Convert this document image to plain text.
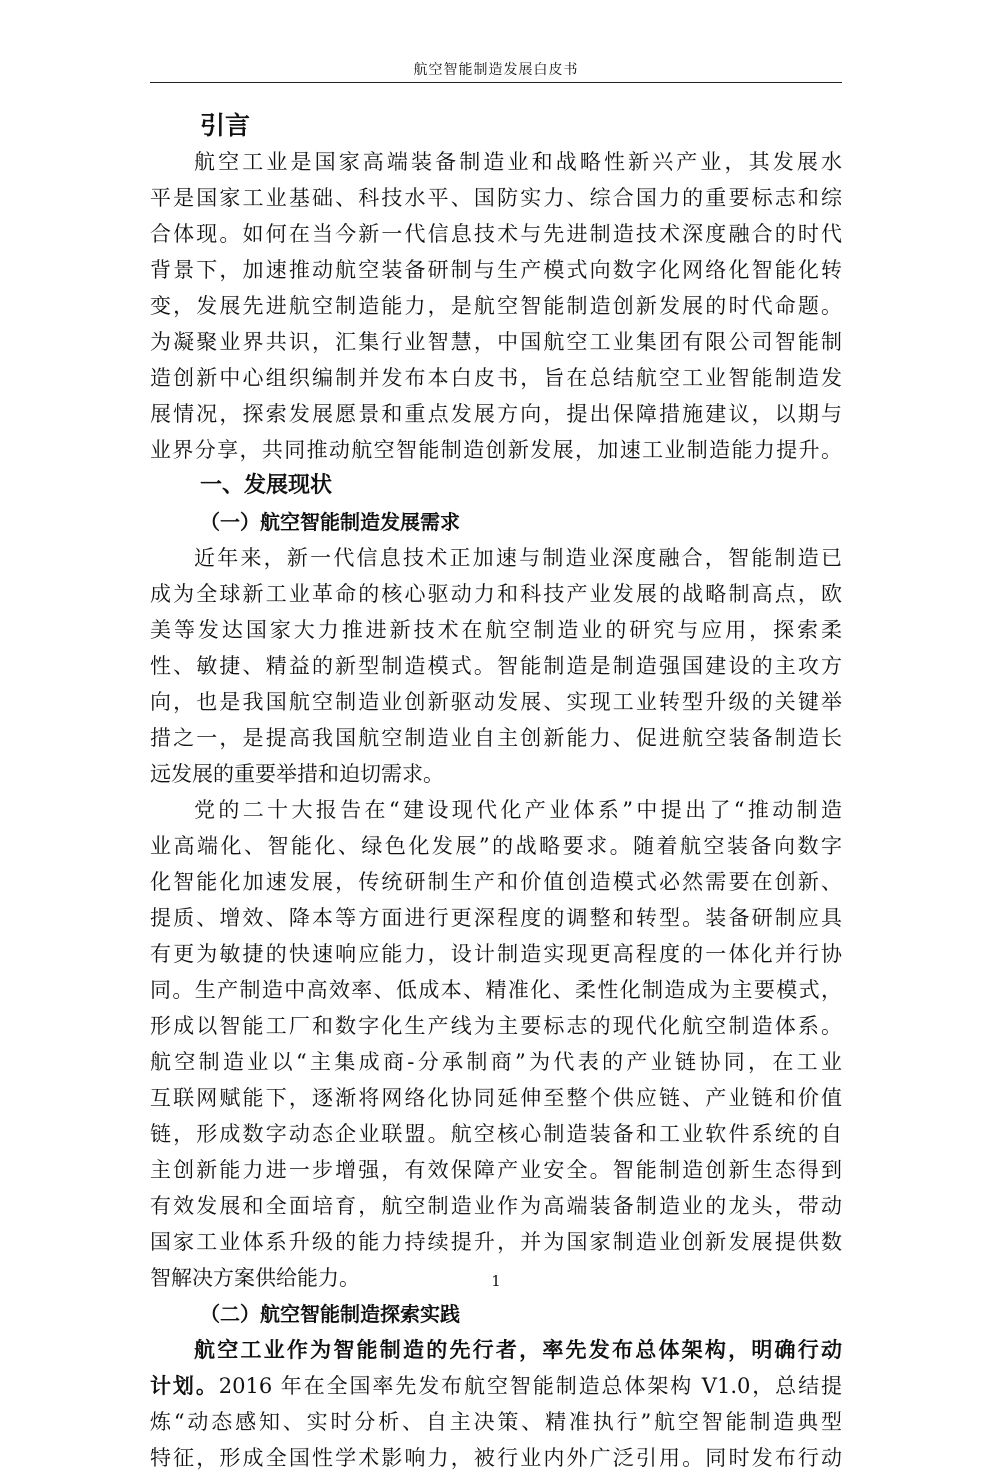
航空智能制造发展白皮书
引言
航空工业是国家高端装备制造业和战略性新兴产业，其发展水
平是国家工业基础、科技水平、国防实力、综合国力的重要标志和综
合体现。如何在当今新一代信息技术与先进制造技术深度融合的时代
背景下，加速推动航空装备研制与生产模式向数字化网络化智能化转
变，发展先进航空制造能力，是航空智能制造创新发展的时代命题。
为凝聚业界共识，汇集行业智慧，中国航空工业集团有限公司智能制
造创新中心组织编制并发布本白皮书，旨在总结航空工业智能制造发
展情况，探索发展愿景和重点发展方向，提出保障措施建议，以期与
业界分享，共同推动航空智能制造创新发展，加速工业制造能力提升。
一、发展现状
（一）航空智能制造发展需求
近年来，新一代信息技术正加速与制造业深度融合，智能制造已
成为全球新工业革命的核心驱动力和科技产业发展的战略制高点，欧
美等发达国家大力推进新技术在航空制造业的研究与应用，探索柔
性、敏捷、精益的新型制造模式。智能制造是制造强国建设的主攻方
向，也是我国航空制造业创新驱动发展、实现工业转型升级的关键举
措之一，是提高我国航空制造业自主创新能力、促进航空装备制造长
远发展的重要举措和迫切需求。
党的二十大报告在“建设现代化产业体系”中提出了“推动制造
业高端化、智能化、绿色化发展”的战略要求。随着航空装备向数字
化智能化加速发展，传统研制生产和价值创造模式必然需要在创新、
提质、增效、降本等方面进行更深程度的调整和转型。装备研制应具
有更为敏捷的快速响应能力，设计制造实现更高程度的一体化并行协
同。生产制造中高效率、低成本、精准化、柔性化制造成为主要模式，
形成以智能工厂和数字化生产线为主要标志的现代化航空制造体系。
航空制造业以“主集成商-分承制商”为代表的产业链协同，在工业
互联网赋能下，逐渐将网络化协同延伸至整个供应链、产业链和价值
链，形成数字动态企业联盟。航空核心制造装备和工业软件系统的自
主创新能力进一步增强，有效保障产业安全。智能制造创新生态得到
有效发展和全面培育，航空制造业作为高端装备制造业的龙头，带动
国家工业体系升级的能力持续提升，并为国家制造业创新发展提供数
智解决方案供给能力。
（二）航空智能制造探索实践
航空工业作为智能制造的先行者，率先发布总体架构，明确行动
计划。2016 年在全国率先发布航空智能制造总体架构 V1.0，总结提
炼“动态感知、实时分析、自主决策、精准执行”航空智能制造典型
特征，形成全国性学术影响力，被行业内外广泛引用。同时发布行动
1
